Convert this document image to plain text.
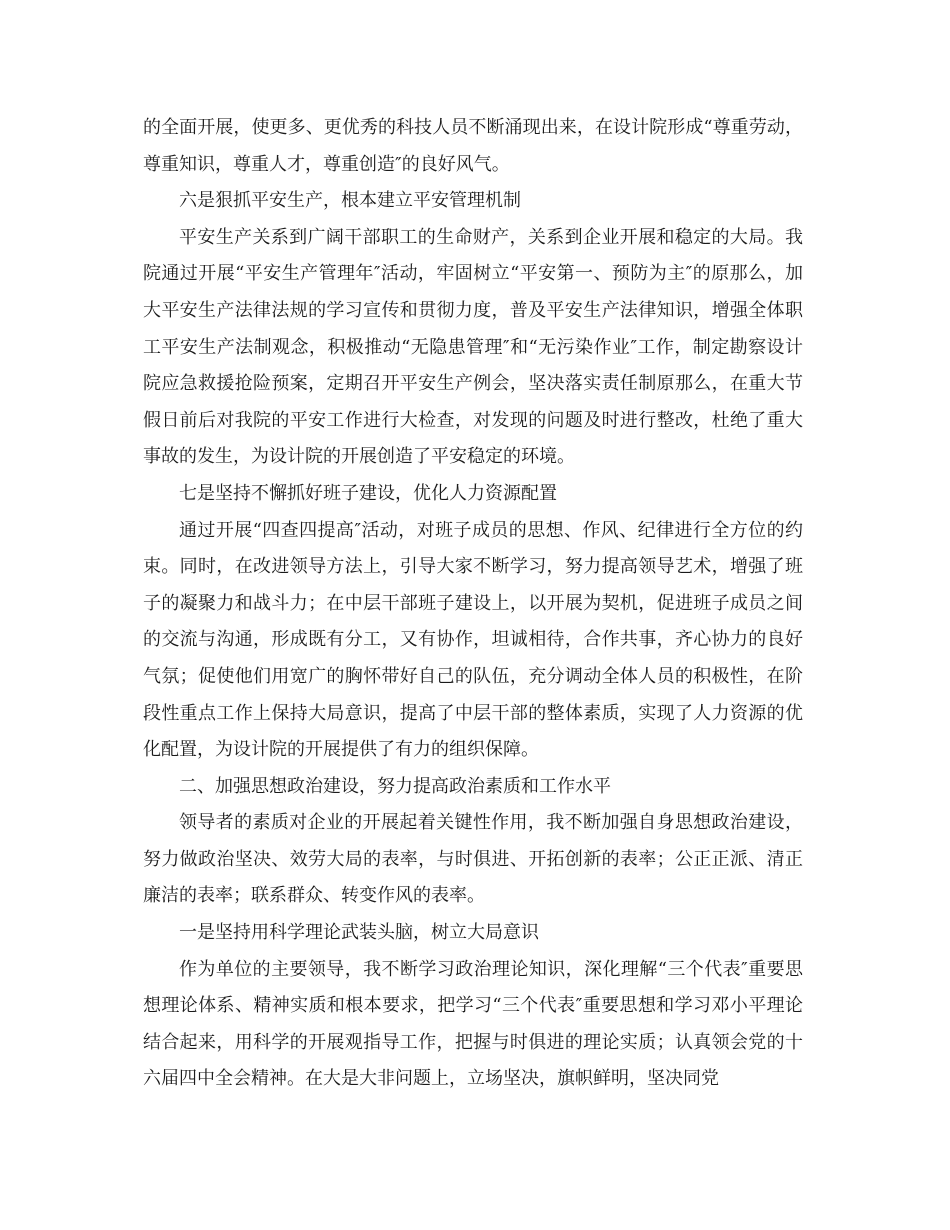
的全面开展，使更多、更优秀的科技人员不断涌现出来，在设计院形成“尊重劳动，尊重知识，尊重人才，尊重创造″的良好风气。

六是狠抓平安生产，根本建立平安管理机制

平安生产关系到广阔干部职工的生命财产，关系到企业开展和稳定的大局。我院通过开展“平安生产管理年″活动，牢固树立“平安第一、预防为主″的原那么，加大平安生产法律法规的学习宣传和贯彻力度，普及平安生产法律知识，增强全体职工平安生产法制观念，积极推动“无隐患管理″和“无污染作业″工作，制定勘察设计院应急救援抢险预案，定期召开平安生产例会，坚决落实责任制原那么，在重大节假日前后对我院的平安工作进行大检查，对发现的问题及时进行整改，杜绝了重大事故的发生，为设计院的开展创造了平安稳定的环境。

七是坚持不懈抓好班子建设，优化人力资源配置

通过开展“四查四提高″活动，对班子成员的思想、作风、纪律进行全方位的约束。同时，在改进领导方法上，引导大家不断学习，努力提高领导艺术，增强了班子的凝聚力和战斗力；在中层干部班子建设上，以开展为契机，促进班子成员之间的交流与沟通，形成既有分工，又有协作，坦诚相待，合作共事，齐心协力的良好气氛；促使他们用宽广的胸怀带好自己的队伍，充分调动全体人员的积极性，在阶段性重点工作上保持大局意识，提高了中层干部的整体素质，实现了人力资源的优化配置，为设计院的开展提供了有力的组织保障。

二、加强思想政治建设，努力提高政治素质和工作水平

领导者的素质对企业的开展起着关键性作用，我不断加强自身思想政治建设，努力做政治坚决、效劳大局的表率，与时俱进、开拓创新的表率；公正正派、清正廉洁的表率；联系群众、转变作风的表率。

一是坚持用科学理论武装头脑，树立大局意识

作为单位的主要领导，我不断学习政治理论知识，深化理解“三个代表″重要思想理论体系、精神实质和根本要求，把学习“三个代表″重要思想和学习邓小平理论结合起来，用科学的开展观指导工作，把握与时俱进的理论实质；认真领会党的十六届四中全会精神。在大是大非问题上，立场坚决，旗帜鲜明，坚决同党
